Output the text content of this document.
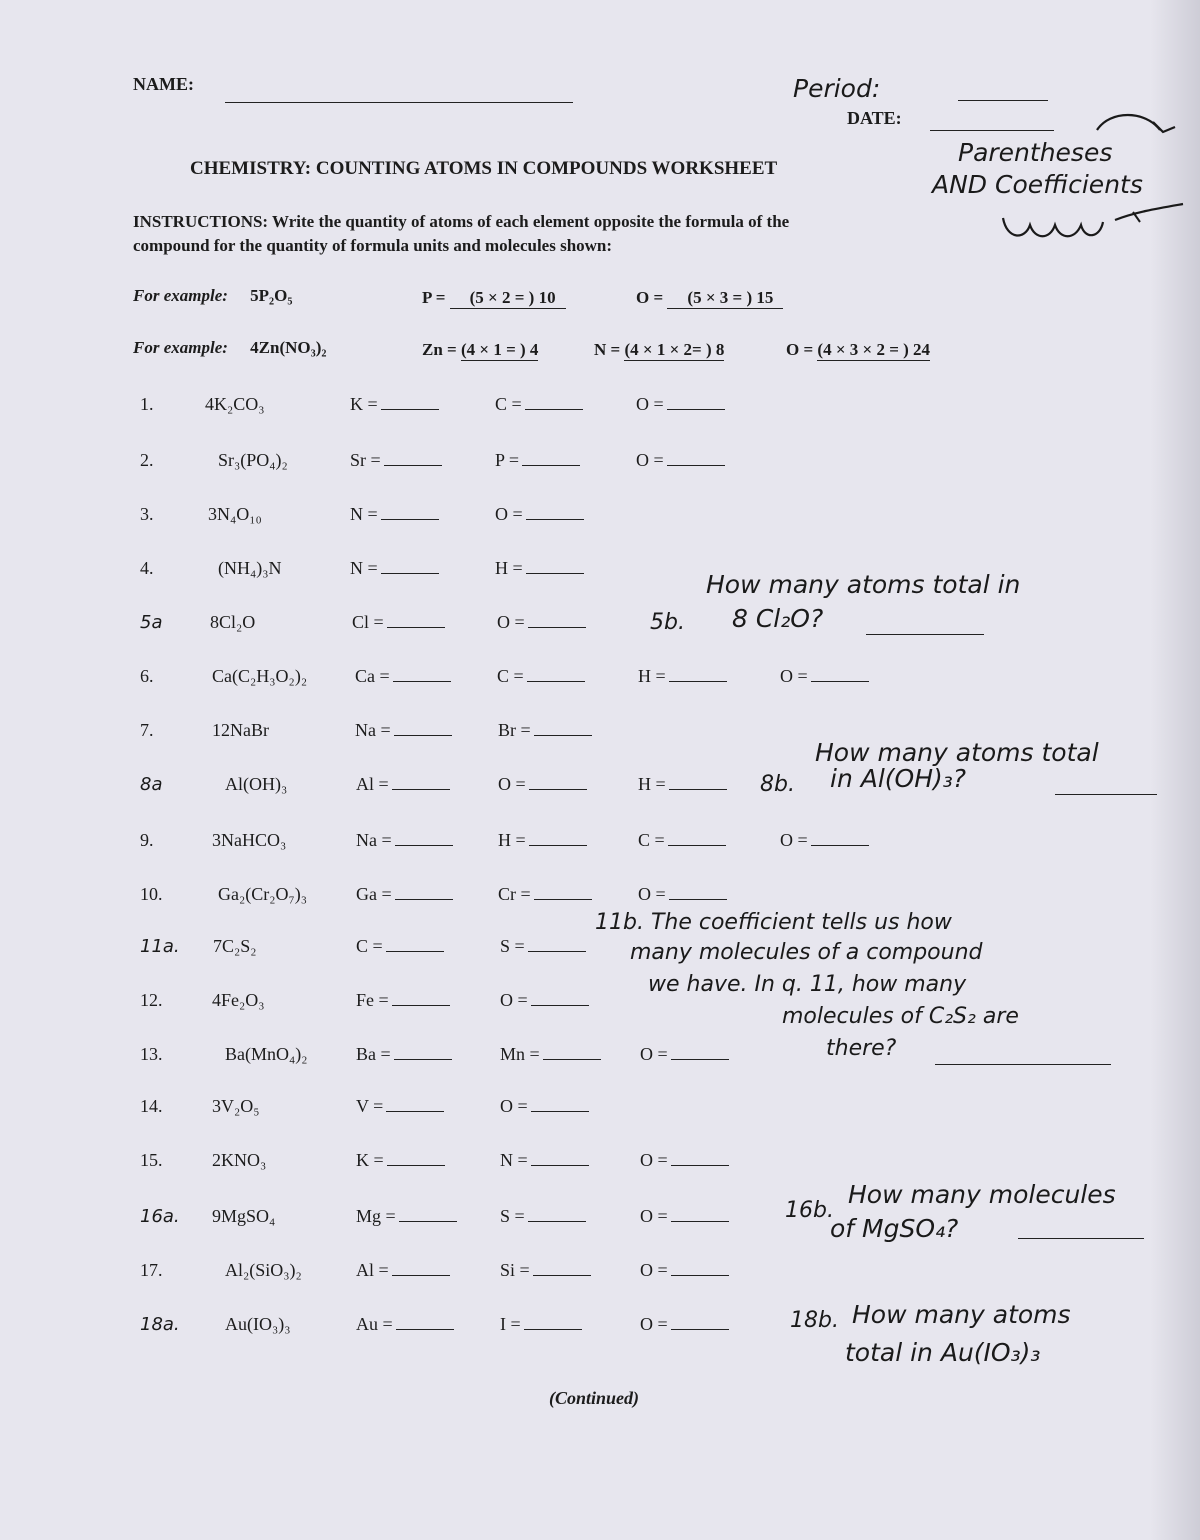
NAME:	Period:
DATE:
CHEMISTRY: COUNTING ATOMS IN COMPOUNDS WORKSHEET
Parentheses
AND Coefficients
INSTRUCTIONS: Write the quantity of atoms of each element opposite the formula of the
compound for the quantity of formula units and molecules shown:
For example: 5P₂O₅	P = (5 × 2 = ) 10	O = (5 × 3 = ) 15
For example: 4Zn(NO₃)₂	Zn = (4 × 1 = ) 4	N = (4 × 1 × 2= ) 8	O = (4 × 3 × 2 = ) 24
1.	4K₂CO₃	K =	C =	O =
2.	Sr₃(PO₄)₂	Sr =	P =	O =
3.	3N₄O₁₀	N =	O =
4.	(NH₄)₃N	N =	H =
5a	8Cl₂O	Cl =	O =
6.	Ca(C₂H₃O₂)₂	Ca =	C =	H =	O =
7.	12NaBr	Na =	Br =
8a	Al(OH)₃	Al =	O =	H =
9.	3NaHCO₃	Na =	H =	C =	O =
10.	Ga₂(Cr₂O₇)₃	Ga =	Cr =	O =
11a. 7C₂S₂	C =	S =
12.	4Fe₂O₃	Fe =	O =
13.	Ba(MnO₄)₂	Ba =	Mn =	O =
14.	3V₂O₅	V =	O =
15.	2KNO₃	K =	N =	O =
16a. 9MgSO₄	Mg =	S =	O =
17.	Al₂(SiO₃)₂	Al =	Si =	O =
18a.	Au(IO₃)₃	Au =	I =	O =
5b.
How many atoms total in
8 Cl₂O?
How many atoms total
8b. in Al(OH)₃?
11b. The coefficient tells us how
many molecules of a compound
we have. In q. 11, how many
molecules of C₂S₂ are
there?
16b.
How many molecules
of MgSO₄?
18b. How many atoms
total in Au(IO₃)₃
(Continued)
